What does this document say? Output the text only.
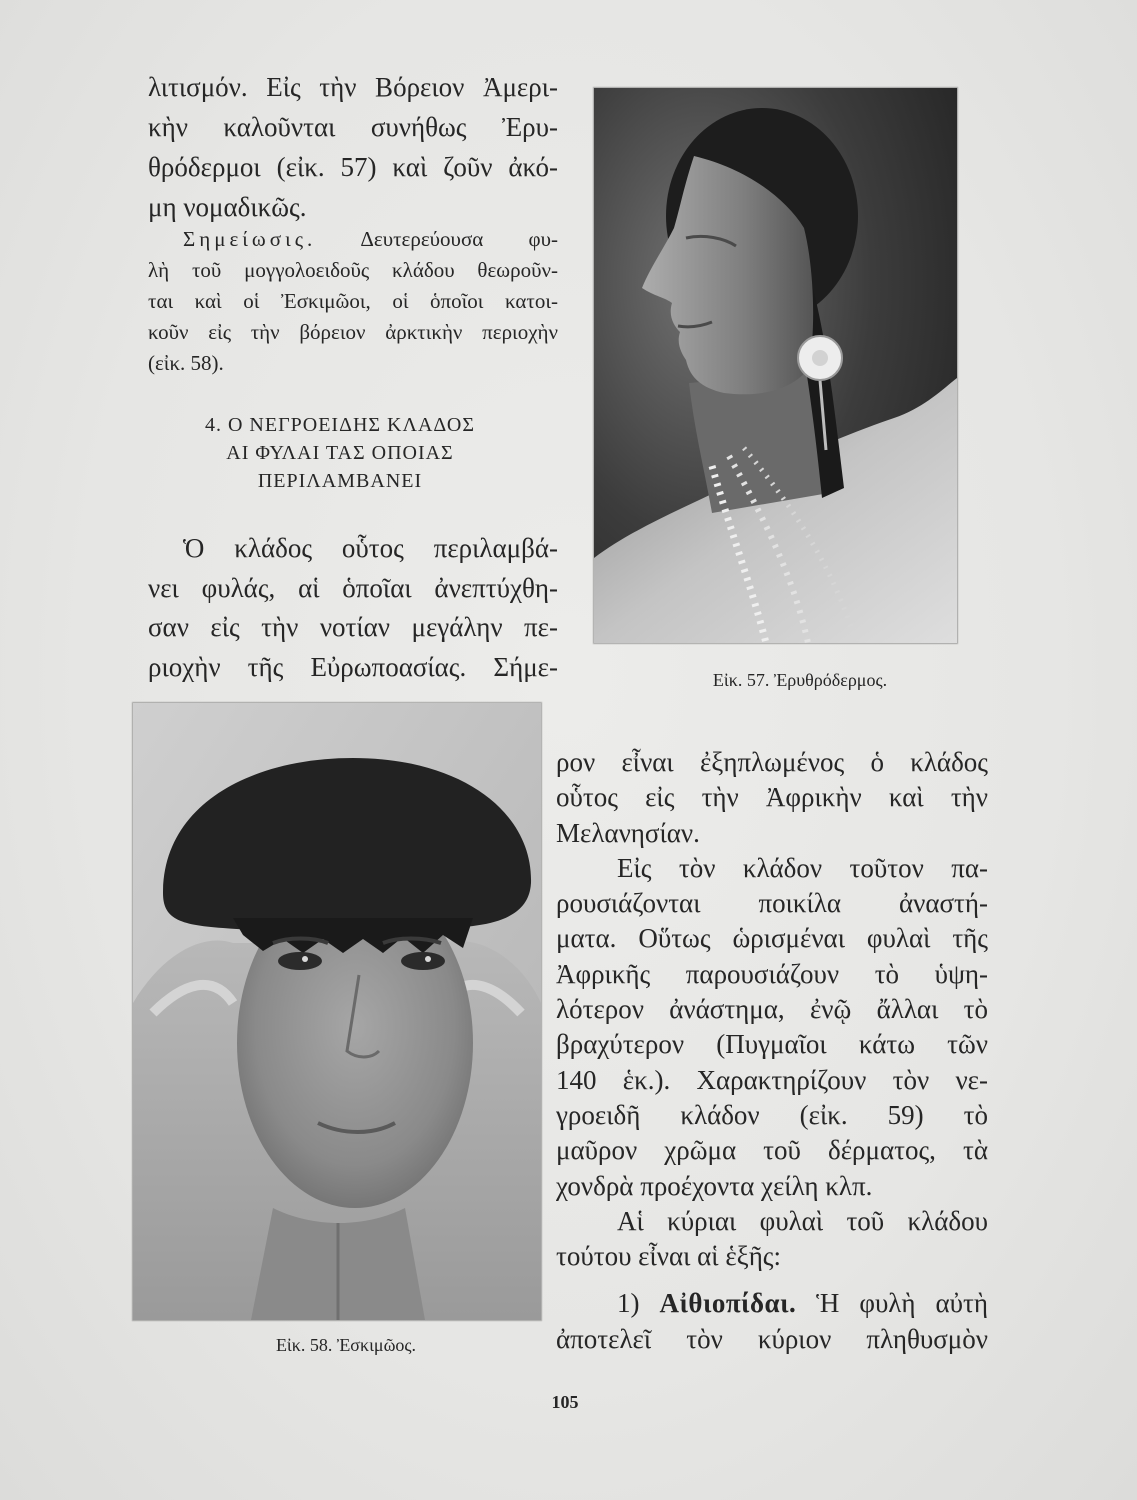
λιτισμόν. Εἰς τὴν Βόρειον Ἀμερι-
κὴν καλοῦνται συνήθως Ἐρυ-
θρόδερμοι (εἰκ. 57) καὶ ζοῦν ἀκό-
μη νομαδικῶς.
Σημείωσις. Δευτερεύουσα φυ-
λὴ τοῦ μογγολοειδοῦς κλάδου θεωροῦν-
ται καὶ οἱ Ἐσκιμῶοι, οἱ ὁποῖοι κατοι-
κοῦν εἰς τὴν βόρειον ἀρκτικὴν περιοχὴν
(εἰκ. 58).
4. Ο ΝΕΓΡΟΕΙΔΗΣ ΚΛΑΔΟΣ
ΑΙ ΦΥΛΑΙ ΤΑΣ ΟΠΟΙΑΣ
ΠΕΡΙΛΑΜΒΑΝΕΙ
Ὁ κλάδος οὗτος περιλαμβά-
νει φυλάς, αἱ ὁποῖαι ἀνεπτύχθη-
σαν εἰς τὴν νοτίαν μεγάλην πε-
ριοχὴν τῆς Εὐρωποασίας. Σήμε-	Εἰκ. 57. Ἐρυθρόδερμος.
Εἰκ. 58. Ἐσκιμῶος.
ρον εἶναι ἐξηπλωμένος ὁ κλάδος
οὗτος εἰς τὴν Ἀφρικὴν καὶ τὴν
Μελανησίαν.
Εἰς τὸν κλάδον τοῦτον πα-
ρουσιάζονται ποικίλα ἀναστή-
ματα. Οὕτως ὡρισμέναι φυλαὶ τῆς
Ἀφρικῆς παρουσιάζουν τὸ ὑψη-
λότερον ἀνάστημα, ἐνῷ ἄλλαι τὸ
βραχύτερον (Πυγμαῖοι κάτω τῶν
140 ἑκ.). Χαρακτηρίζουν τὸν νε-
γροειδῆ κλάδον (εἰκ. 59) τὸ
μαῦρον χρῶμα τοῦ δέρματος, τὰ
χονδρὰ προέχοντα χείλη κλπ.
Αἱ κύριαι φυλαὶ τοῦ κλάδου
τούτου εἶναι αἱ ἑξῆς:
1) Αἰθιοπίδαι. Ἡ φυλὴ αὐτὴ
ἀποτελεῖ τὸν κύριον πληθυσμὸν
105
